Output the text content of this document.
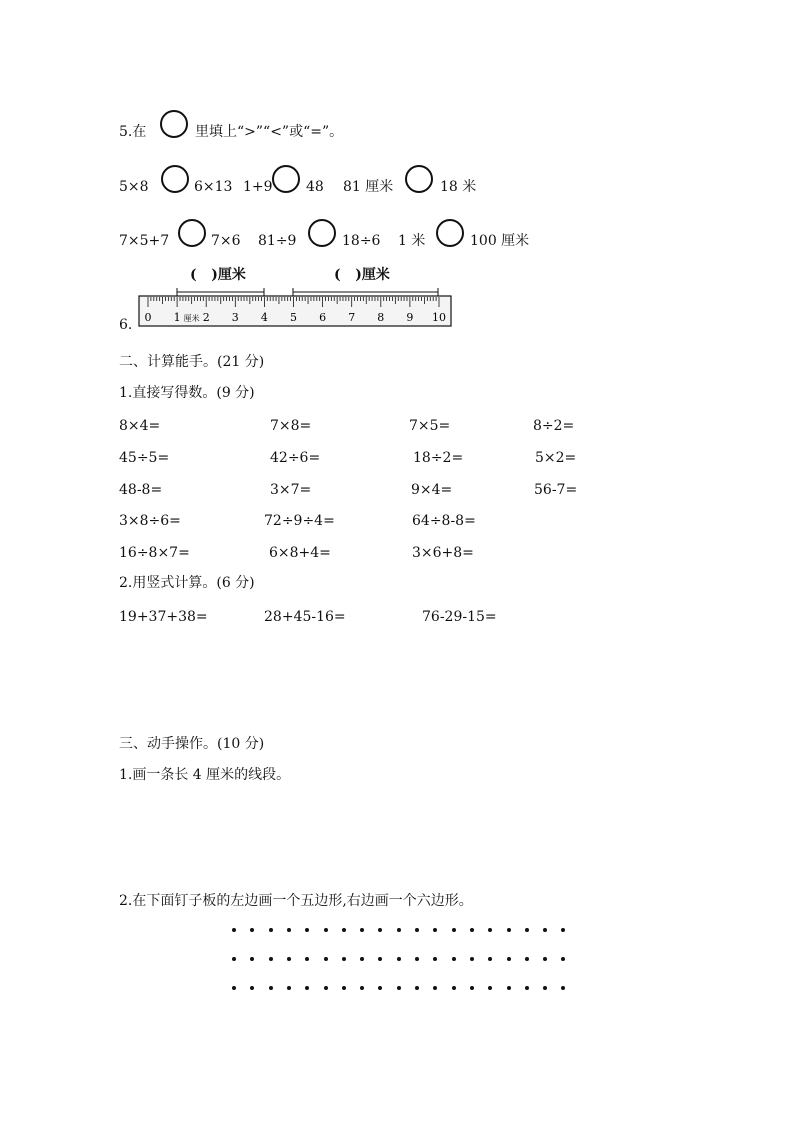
5.在	里填上“>”“<”或“=”。
5×8	6×13 1+9 48 81 厘米	18 米
7×5+7	7×6 81÷9	18÷6 1 米	100 厘米
6.
(   )厘米	(   )厘米
0 1 2 3 4 5 6 7 8 9 10
厘米
二、计算能手。(21 分)
1.直接写得数。(9 分)
8×4=	7×8=	7×5=	8÷2=
45÷5=	42÷6=	18÷2=	5×2=
48-8=	3×7=	9×4=	56-7=
3×8÷6=	72÷9÷4=	64÷8-8=
16÷8×7=	6×8+4=	3×6+8=
2.用竖式计算。(6 分)
19+37+38=	28+45-16=	76-29-15=
三、动手操作。(10 分)
1.画一条长 4 厘米的线段。
2.在下面钉子板的左边画一个五边形,右边画一个六边形。
